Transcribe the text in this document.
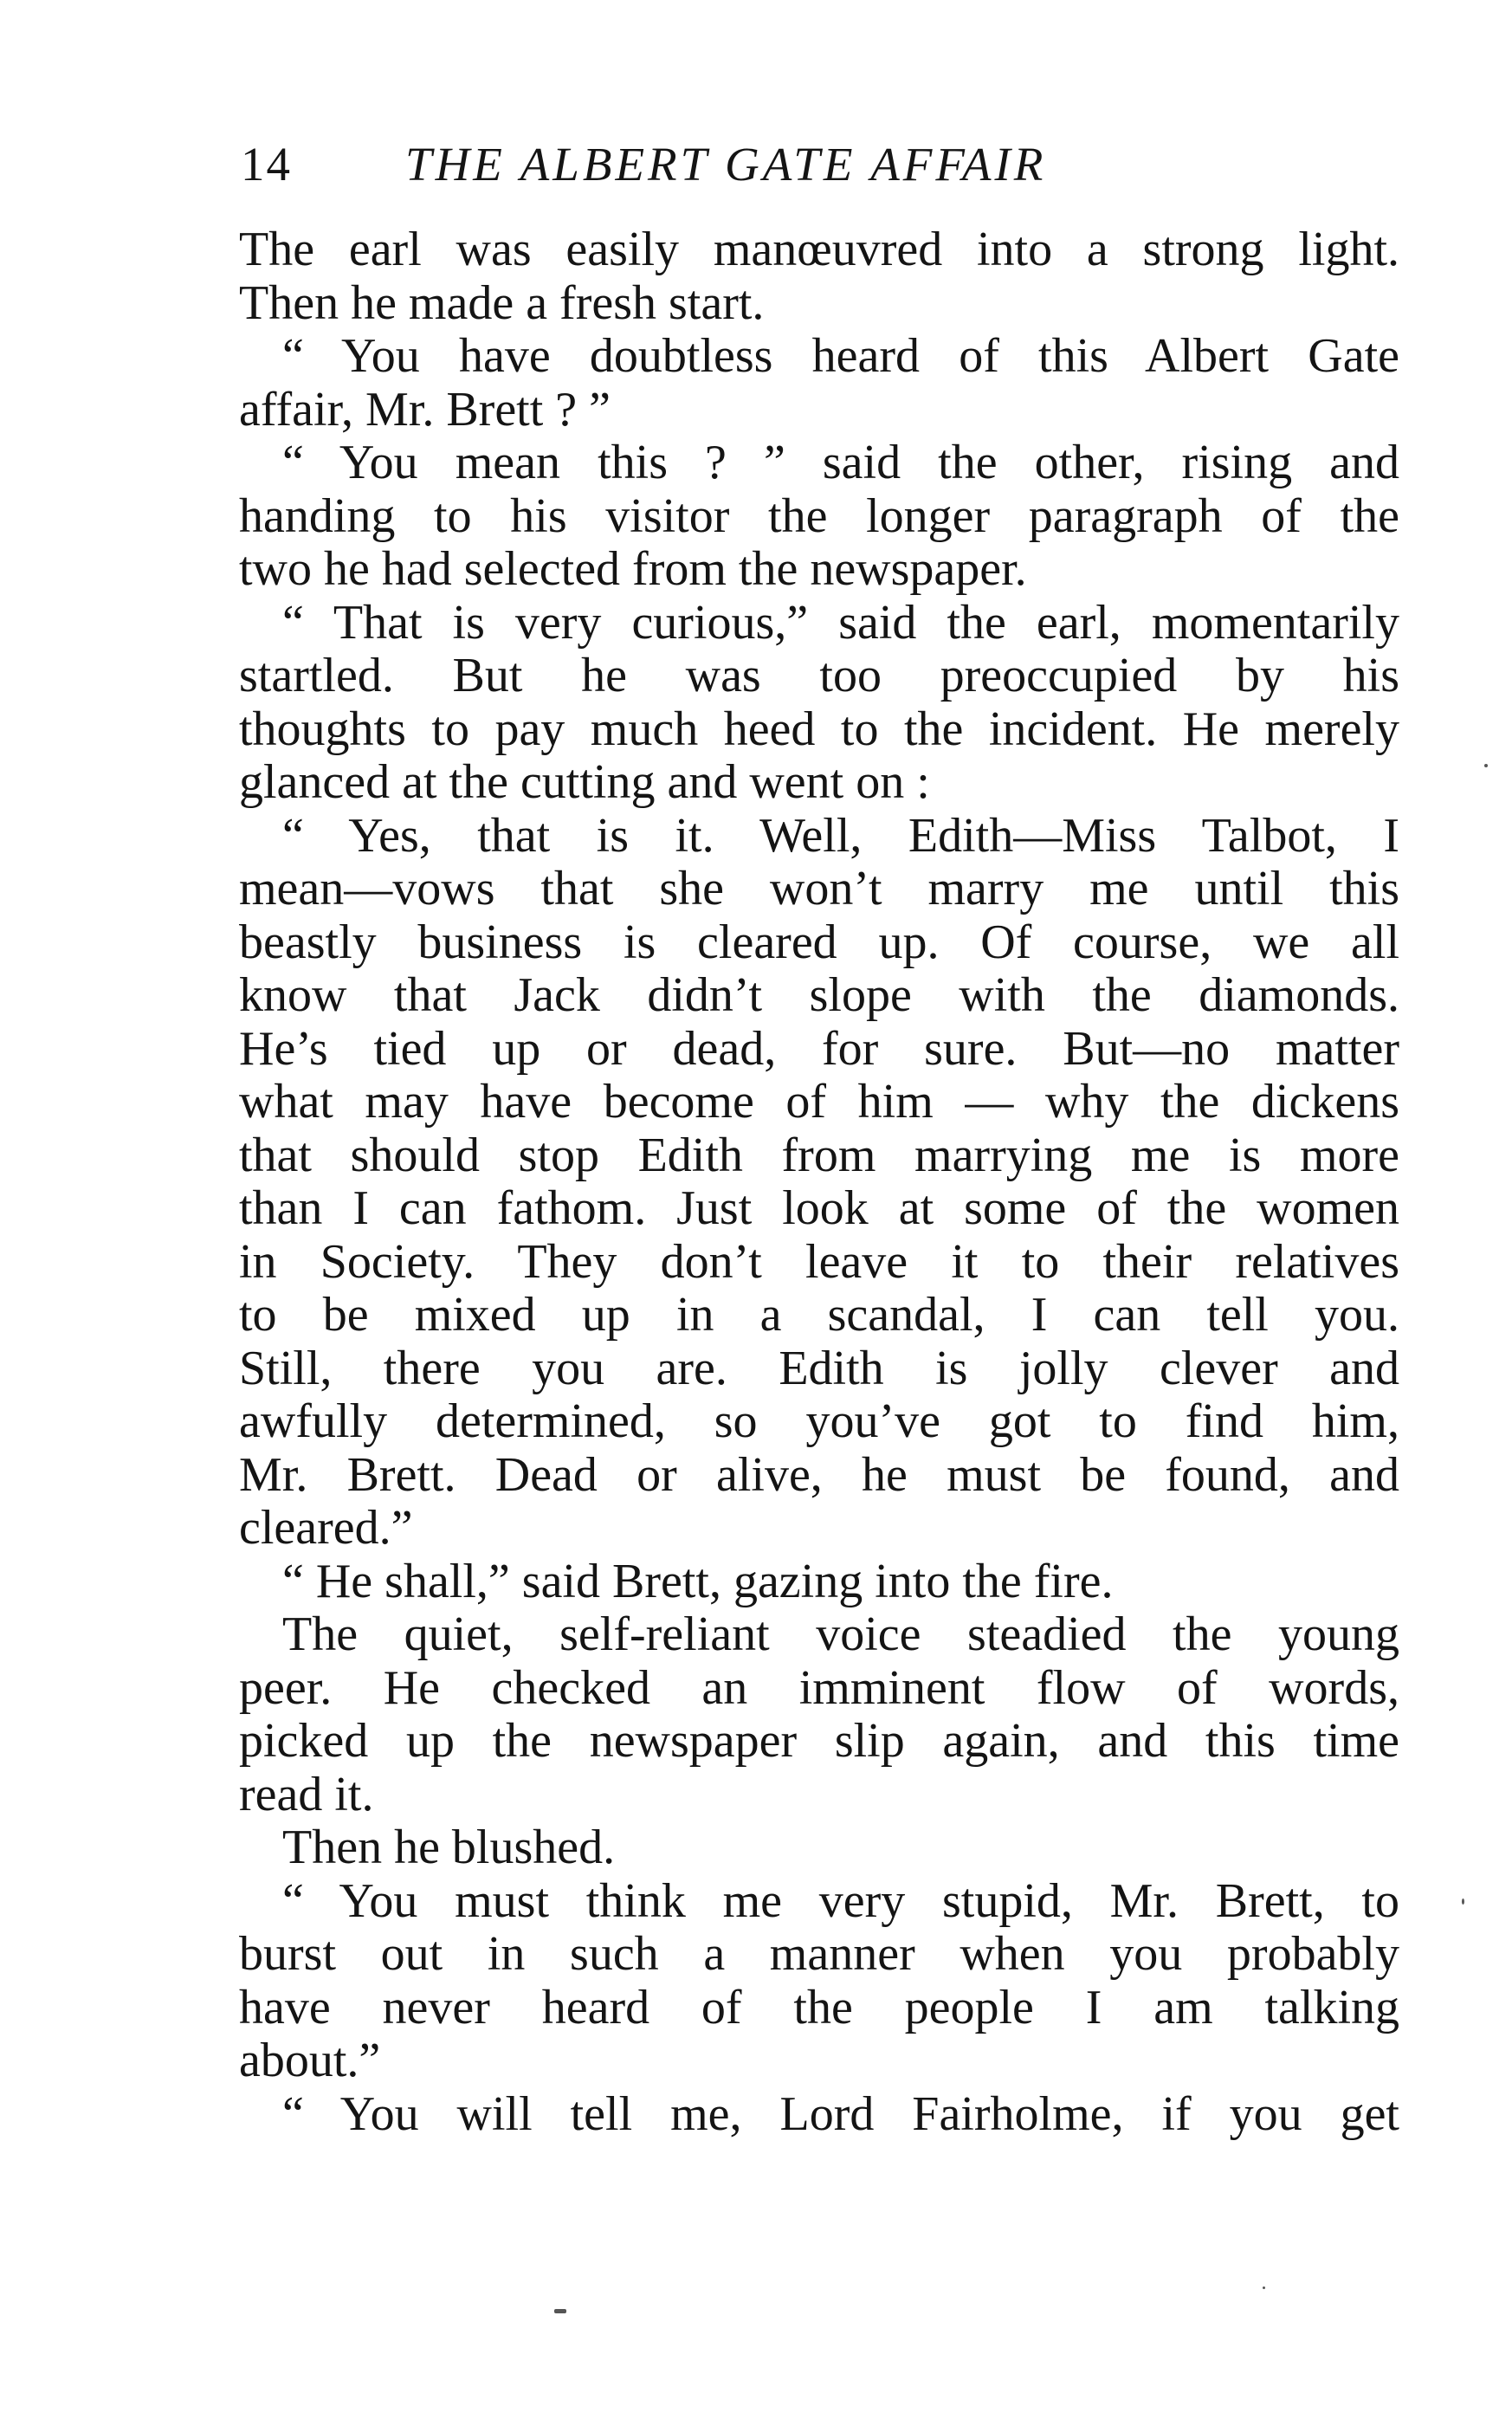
14 THE ALBERT GATE AFFAIR
The earl was easily manœuvred into a strong light.
Then he made a fresh start.
“ You have doubtless heard of this Albert Gate
affair, Mr. Brett ? ”
“ You mean this ? ” said the other, rising and
handing to his visitor the longer paragraph of the
two he had selected from the newspaper.
“ That is very curious,” said the earl, momentarily
startled. But he was too preoccupied by his
thoughts to pay much heed to the incident. He merely
glanced at the cutting and went on :
“ Yes, that is it. Well, Edith—Miss Talbot, I
mean—vows that she won’t marry me until this
beastly business is cleared up. Of course, we all
know that Jack didn’t slope with the diamonds.
He’s tied up or dead, for sure. But—no matter
what may have become of him — why the dickens
that should stop Edith from marrying me is more
than I can fathom. Just look at some of the women
in Society. They don’t leave it to their relatives
to be mixed up in a scandal, I can tell you.
Still, there you are. Edith is jolly clever and
awfully determined, so you’ve got to find him,
Mr. Brett. Dead or alive, he must be found, and
cleared.”
“ He shall,” said Brett, gazing into the fire.
The quiet, self-reliant voice steadied the young
peer. He checked an imminent flow of words,
picked up the newspaper slip again, and this time
read it.
Then he blushed.
“ You must think me very stupid, Mr. Brett, to
burst out in such a manner when you probably
have never heard of the people I am talking
about.”
“ You will tell me, Lord Fairholme, if you get
